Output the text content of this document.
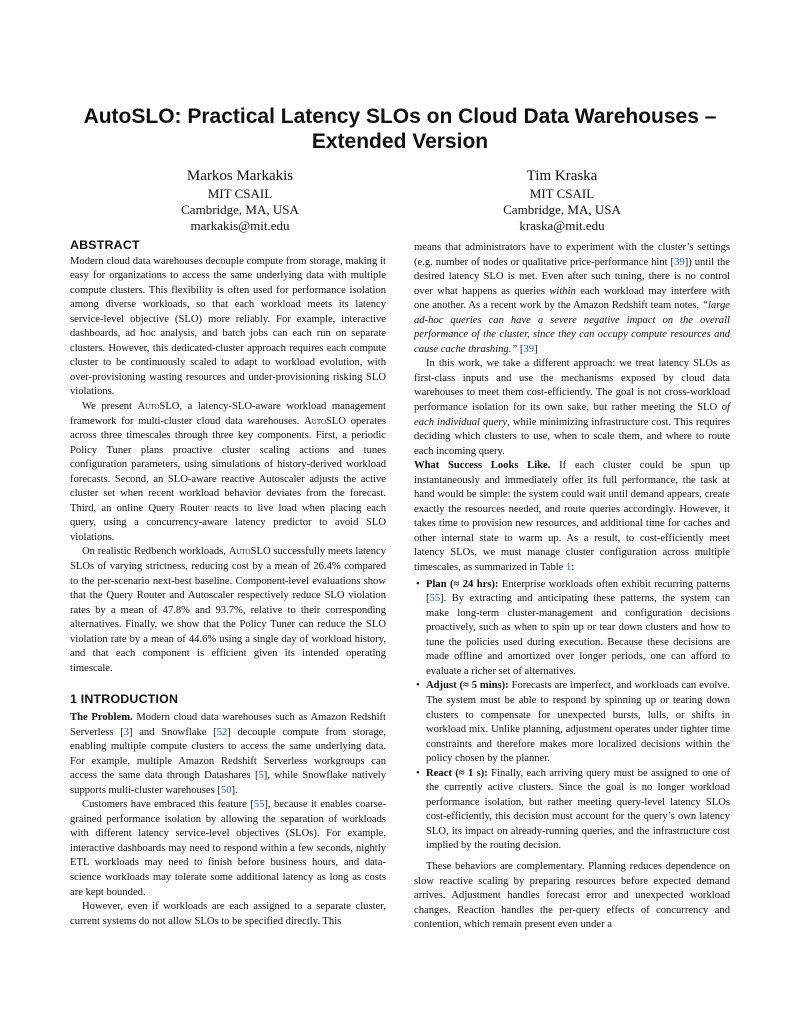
AutoSLO: Practical Latency SLOs on Cloud Data Warehouses –
Extended Version
Markos Markakis
MIT CSAIL
Cambridge, MA, USA
markakis@mit.edu
Tim Kraska
MIT CSAIL
Cambridge, MA, USA
kraska@mit.edu
ABSTRACT

Modern cloud data warehouses decouple compute from storage, making it easy for organizations to access the same underlying data with multiple compute clusters. This flexibility is often used for performance isolation among diverse workloads, so that each workload meets its latency service-level objective (SLO) more reliably. For example, interactive dashboards, ad hoc analysis, and batch jobs can each run on separate clusters. However, this dedicated-cluster approach requires each compute cluster to be continuously scaled to adapt to workload evolution, with over-provisioning wasting resources and under-provisioning risking SLO violations.

We present AutoSLO, a latency-SLO-aware workload management framework for multi-cluster cloud data warehouses. AutoSLO operates across three timescales through three key components. First, a periodic Policy Tuner plans proactive cluster scaling actions and tunes configuration parameters, using simulations of history-derived workload forecasts. Second, an SLO-aware reactive Autoscaler adjusts the active cluster set when recent workload behavior deviates from the forecast. Third, an online Query Router reacts to live load when placing each query, using a concurrency-aware latency predictor to avoid SLO violations.

On realistic Redbench workloads, AutoSLO successfully meets latency SLOs of varying strictness, reducing cost by a mean of 26.4% compared to the per-scenario next-best baseline. Component-level evaluations show that the Query Router and Autoscaler respectively reduce SLO violation rates by a mean of 47.8% and 93.7%, relative to their corresponding alternatives. Finally, we show that the Policy Tuner can reduce the SLO violation rate by a mean of 44.6% using a single day of workload history, and that each component is efficient given its intended operating timescale.

1 INTRODUCTION

The Problem. Modern cloud data warehouses such as Amazon Redshift Serverless [3] and Snowflake [52] decouple compute from storage, enabling multiple compute clusters to access the same underlying data. For example, multiple Amazon Redshift Serverless workgroups can access the same data through Datashares [5], while Snowflake natively supports multi-cluster warehouses [50].

Customers have embraced this feature [55], because it enables coarse-grained performance isolation by allowing the separation of workloads with different latency service-level objectives (SLOs). For example, interactive dashboards may need to respond within a few seconds, nightly ETL workloads may need to finish before business hours, and data-science workloads may tolerate some additional latency as long as costs are kept bounded.

However, even if workloads are each assigned to a separate cluster, current systems do not allow SLOs to be specified directly. This

means that administrators have to experiment with the cluster’s settings (e.g. number of nodes or qualitative price-performance hint [39]) until the desired latency SLO is met. Even after such tuning, there is no control over what happens as queries within each workload may interfere with one another. As a recent work by the Amazon Redshift team notes, “large ad-hoc queries can have a severe negative impact on the overall performance of the cluster, since they can occupy compute resources and cause cache thrashing.” [39]

In this work, we take a different approach: we treat latency SLOs as first-class inputs and use the mechanisms exposed by cloud data warehouses to meet them cost-efficiently. The goal is not cross-workload performance isolation for its own sake, but rather meeting the SLO of each individual query, while minimizing infrastructure cost. This requires deciding which clusters to use, when to scale them, and where to route each incoming query.

What Success Looks Like. If each cluster could be spun up instantaneously and immediately offer its full performance, the task at hand would be simple: the system could wait until demand appears, create exactly the resources needed, and route queries accordingly. However, it takes time to provision new resources, and additional time for caches and other internal state to warm up. As a result, to cost-efficiently meet latency SLOs, we must manage cluster configuration across multiple timescales, as summarized in Table 1:

• Plan (≈ 24 hrs): Enterprise workloads often exhibit recurring patterns [55]. By extracting and anticipating these patterns, the system can make long-term cluster-management and configuration decisions proactively, such as when to spin up or tear down clusters and how to tune the policies used during execution. Because these decisions are made offline and amortized over longer periods, one can afford to evaluate a richer set of alternatives.
• Adjust (≈ 5 mins): Forecasts are imperfect, and workloads can evolve. The system must be able to respond by spinning up or tearing down clusters to compensate for unexpected bursts, lulls, or shifts in workload mix. Unlike planning, adjustment operates under tighter time constraints and therefore makes more localized decisions within the policy chosen by the planner.
• React (≈ 1 s): Finally, each arriving query must be assigned to one of the currently active clusters. Since the goal is no longer workload performance isolation, but rather meeting query-level latency SLOs cost-efficiently, this decision must account for the query’s own latency SLO, its impact on already-running queries, and the infrastructure cost implied by the routing decision.

These behaviors are complementary. Planning reduces dependence on slow reactive scaling by preparing resources before expected demand arrives. Adjustment handles forecast error and unexpected workload changes. Reaction handles the per-query effects of concurrency and contention, which remain present even under a
